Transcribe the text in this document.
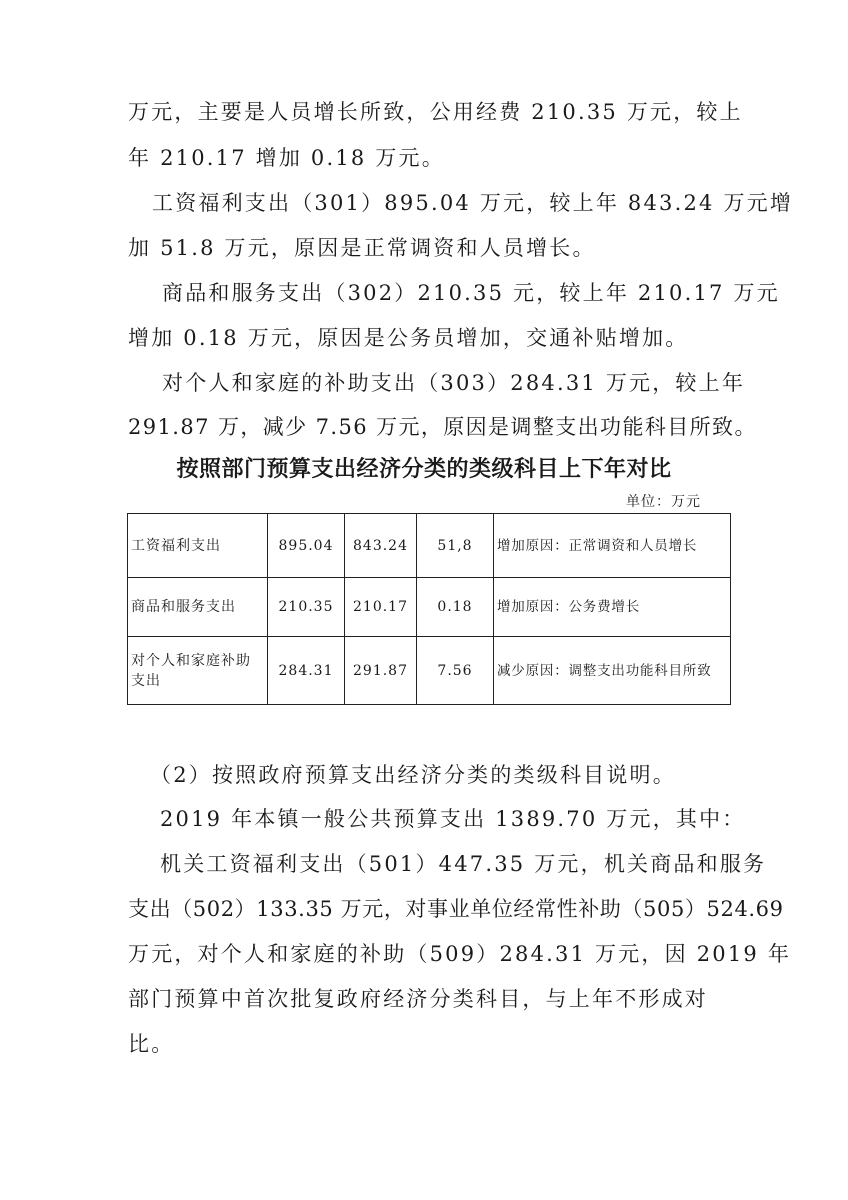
万元，主要是人员增长所致，公用经费 210.35 万元，较上
年 210.17 增加 0.18 万元。
工资福利支出（301）895.04 万元，较上年 843.24 万元增
加 51.8 万元，原因是正常调资和人员增长。
商品和服务支出（302）210.35 元，较上年 210.17 万元
增加 0.18 万元，原因是公务员增加，交通补贴增加。
对个人和家庭的补助支出（303）284.31 万元，较上年
291.87 万，减少 7.56 万元，原因是调整支出功能科目所致。
按照部门预算支出经济分类的类级科目上下年对比
单位：万元
工资福利支出	895.04	843.24	51,8	增加原因：正常调资和人员增长
商品和服务支出	210.35	210.17	0.18	增加原因：公务费增长
对个人和家庭补助
支出	284.31	291.87	7.56	减少原因：调整支出功能科目所致
（2）按照政府预算支出经济分类的类级科目说明。
2019 年本镇一般公共预算支出 1389.70 万元，其中：
机关工资福利支出（501）447.35 万元，机关商品和服务
支出（502）133.35 万元，对事业单位经常性补助（505）524.69
万元，对个人和家庭的补助（509）284.31 万元，因 2019 年
部门预算中首次批复政府经济分类科目，与上年不形成对
比。
